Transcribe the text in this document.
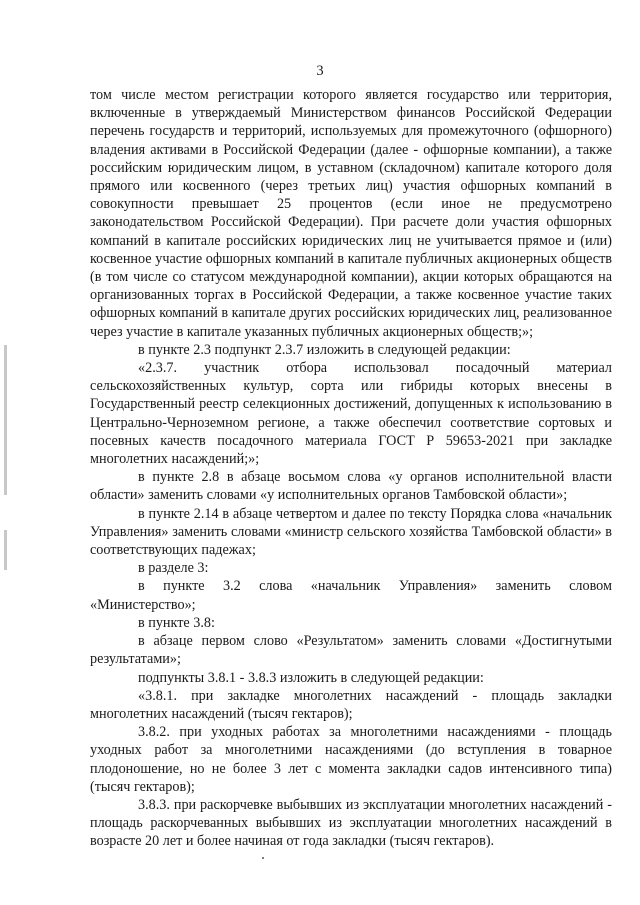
3

том числе местом регистрации которого является государство или территория, включенные в утверждаемый Министерством финансов Российской Федерации перечень государств и территорий, используемых для промежуточного (офшорного) владения активами в Российской Федерации (далее - офшорные компании), а также российским юридическим лицом, в уставном (складочном) капитале которого доля прямого или косвенного (через третьих лиц) участия офшорных компаний в совокупности превышает 25 процентов (если иное не предусмотрено законодательством Российской Федерации). При расчете доли участия офшорных компаний в капитале российских юридических лиц не учитывается прямое и (или) косвенное участие офшорных компаний в капитале публичных акционерных обществ (в том числе со статусом международной компании), акции которых обращаются на организованных торгах в Российской Федерации, а также косвенное участие таких офшорных компаний в капитале других российских юридических лиц, реализованное через участие в капитале указанных публичных акционерных обществ;»;

в пункте 2.3 подпункт 2.3.7 изложить в следующей редакции:

«2.3.7. участник отбора использовал посадочный материал сельскохозяйственных культур, сорта или гибриды которых внесены в Государственный реестр селекционных достижений, допущенных к использованию в Центрально-Черноземном регионе, а также обеспечил соответствие сортовых и посевных качеств посадочного материала ГОСТ Р 59653-2021 при закладке многолетних насаждений;»;

в пункте 2.8 в абзаце восьмом слова «у органов исполнительной власти области» заменить словами «у исполнительных органов Тамбовской области»;

в пункте 2.14 в абзаце четвертом и далее по тексту Порядка слова «начальник Управления» заменить словами «министр сельского хозяйства Тамбовской области» в соответствующих падежах;

в разделе 3:

в пункте 3.2 слова «начальник Управления» заменить словом «Министерство»;

в пункте 3.8:

в абзаце первом слово «Результатом» заменить словами «Достигнутыми результатами»;

подпункты 3.8.1 - 3.8.3 изложить в следующей редакции:

«3.8.1. при закладке многолетних насаждений - площадь закладки многолетних насаждений (тысяч гектаров);

3.8.2. при уходных работах за многолетними насаждениями - площадь уходных работ за многолетними насаждениями (до вступления в товарное плодоношение, но не более 3 лет с момента закладки садов интенсивного типа) (тысяч гектаров);

3.8.3. при раскорчевке выбывших из эксплуатации многолетних насаждений - площадь раскорчеванных выбывших из эксплуатации многолетних насаждений в возрасте 20 лет и более начиная от года закладки (тысяч гектаров).
